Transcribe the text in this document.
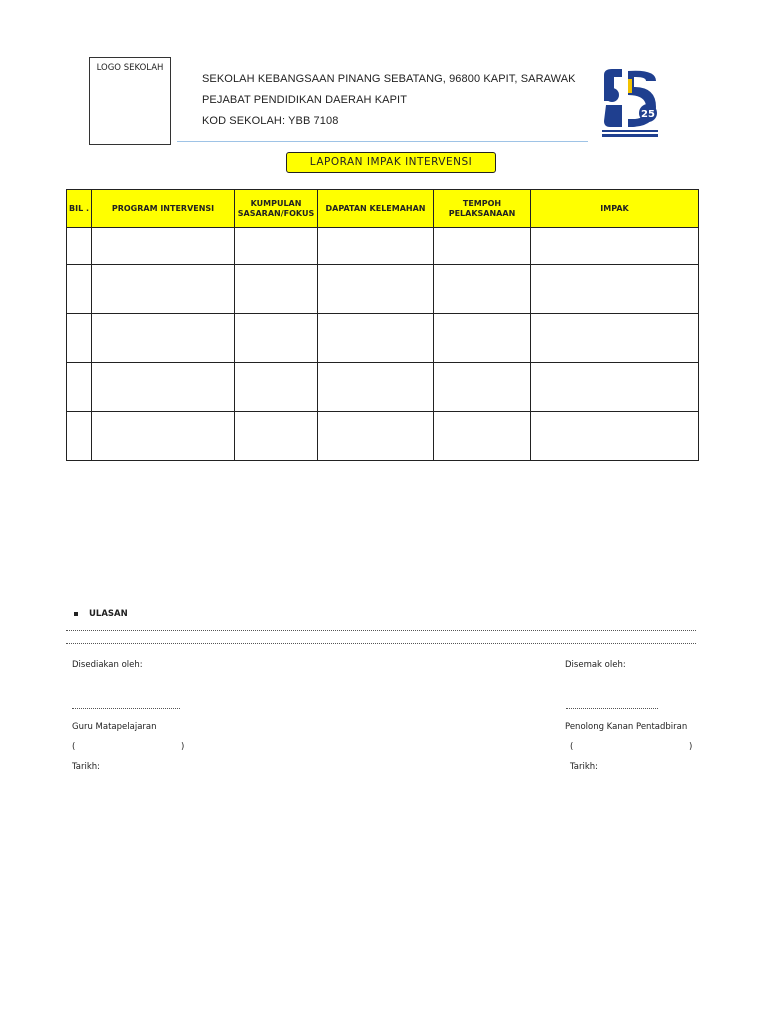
LOGO SEKOLAH
SEKOLAH KEBANGSAAN PINANG SEBATANG, 96800 KAPIT, SARAWAK
PEJABAT PENDIDIKAN DAERAH KAPIT
KOD SEKOLAH: YBB 7108
25
LAPORAN IMPAK INTERVENSI
BIL .	PROGRAM INTERVENSI	KUMPULAN SASARAN/FOKUS	DAPATAN KELEMAHAN	TEMPOH PELAKSANAAN	IMPAK

ULASAN
Disediakan oleh:	Disemak oleh:
Guru Matapelajaran	Penolong Kanan Pentadbiran
(	)	(	)
Tarikh:	Tarikh:
